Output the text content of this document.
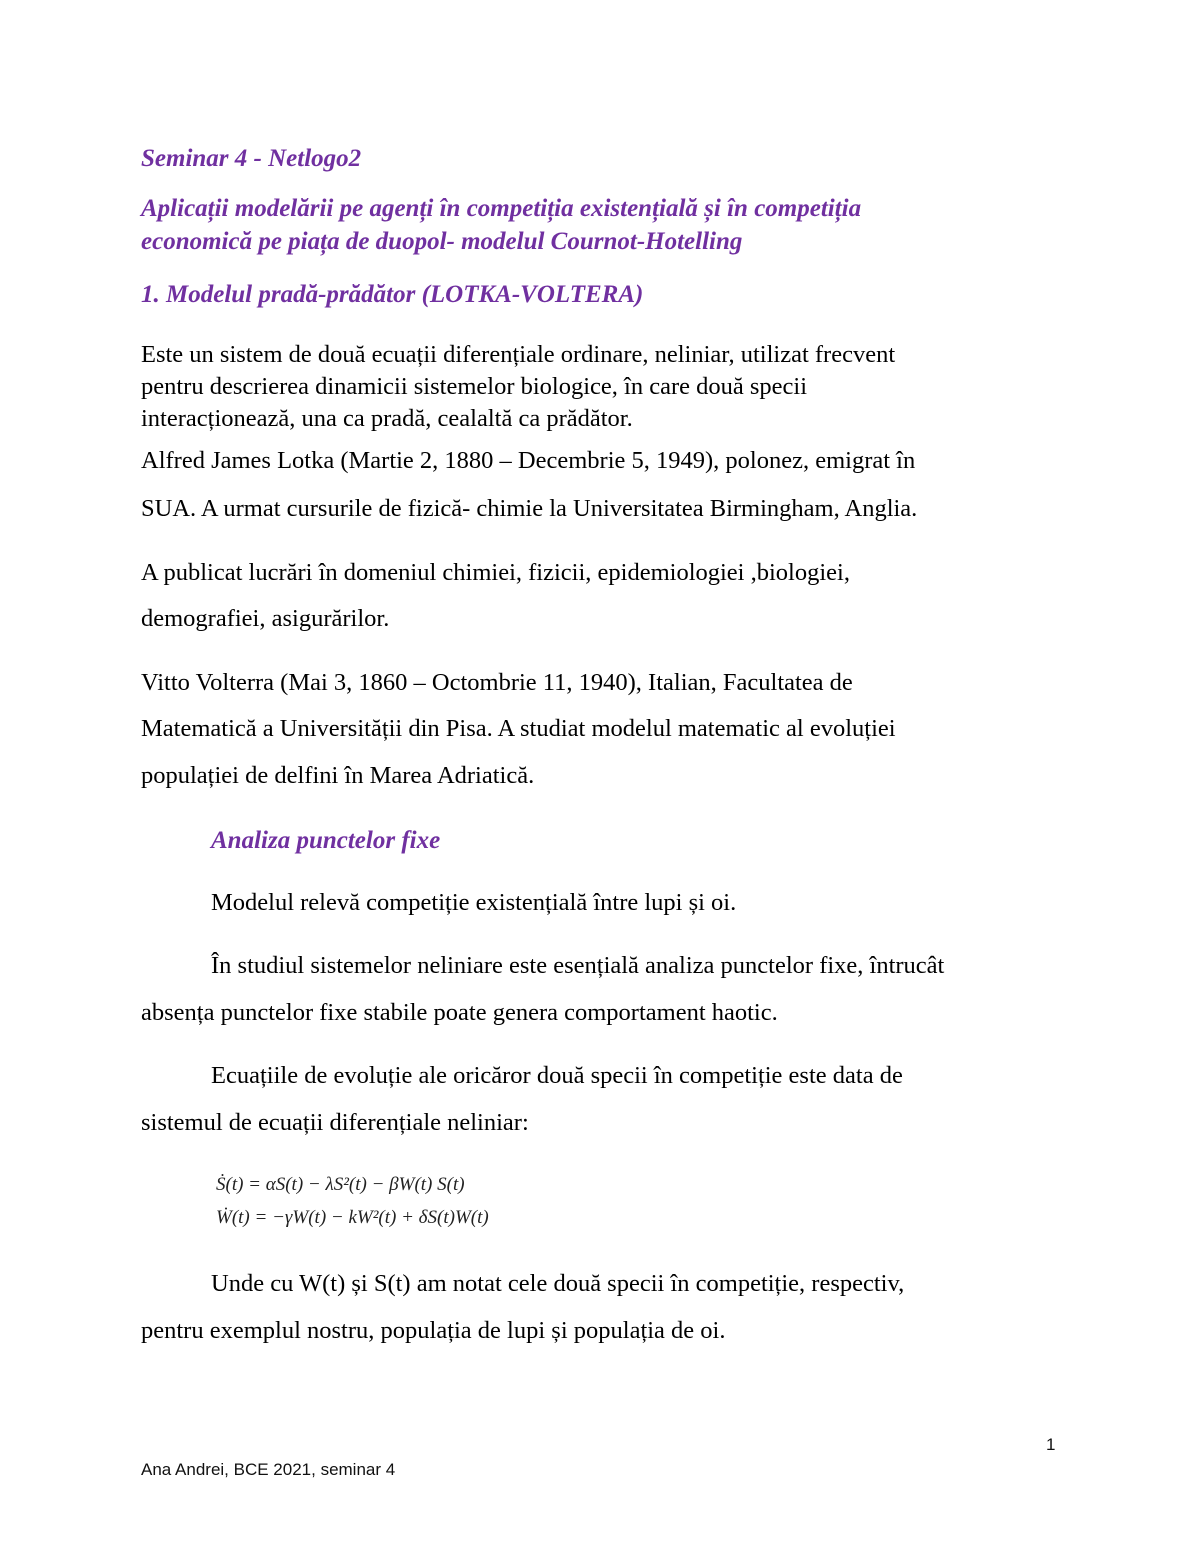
Seminar 4 - Netlogo2

Aplicații modelării pe agenți în competiția existențială și în competiția

economică pe piața de duopol- modelul Cournot-Hotelling

1. Modelul pradă-prădător (LOTKA-VOLTERA)

Este un sistem de două ecuații diferențiale ordinare, neliniar, utilizat frecvent

pentru descrierea dinamicii sistemelor biologice, în care două specii

interacționează, una ca pradă, cealaltă ca prădător.

Alfred James Lotka (Martie 2, 1880 – Decembrie 5, 1949), polonez, emigrat în

SUA. A urmat cursurile de fizică- chimie la Universitatea Birmingham, Anglia.

A publicat lucrări în domeniul chimiei, fizicii, epidemiologiei ,biologiei,

demografiei, asigurărilor.

Vitto Volterra (Mai 3, 1860 – Octombrie 11, 1940), Italian, Facultatea de

Matematică a Universității din Pisa. A studiat modelul matematic al evoluției

populației de delfini în Marea Adriatică.

Analiza punctelor fixe

Modelul relevă competiție existențială între lupi și oi.

În studiul sistemelor neliniare este esențială analiza punctelor fixe, întrucât

absența punctelor fixe stabile poate genera comportament haotic.

Ecuațiile de evoluție ale oricăror două specii în competiție este data de

sistemul de ecuații diferențiale neliniar:

Ṡ(t) = αS(t) − λS²(t) − βW(t) S(t)

Ẇ(t) = −γW(t) − kW²(t) + δS(t)W(t)

Unde cu W(t) și S(t) am notat cele două specii în competiție, respectiv,

pentru exemplul nostru, populația de lupi și populația de oi.

1

Ana Andrei, BCE 2021, seminar 4
